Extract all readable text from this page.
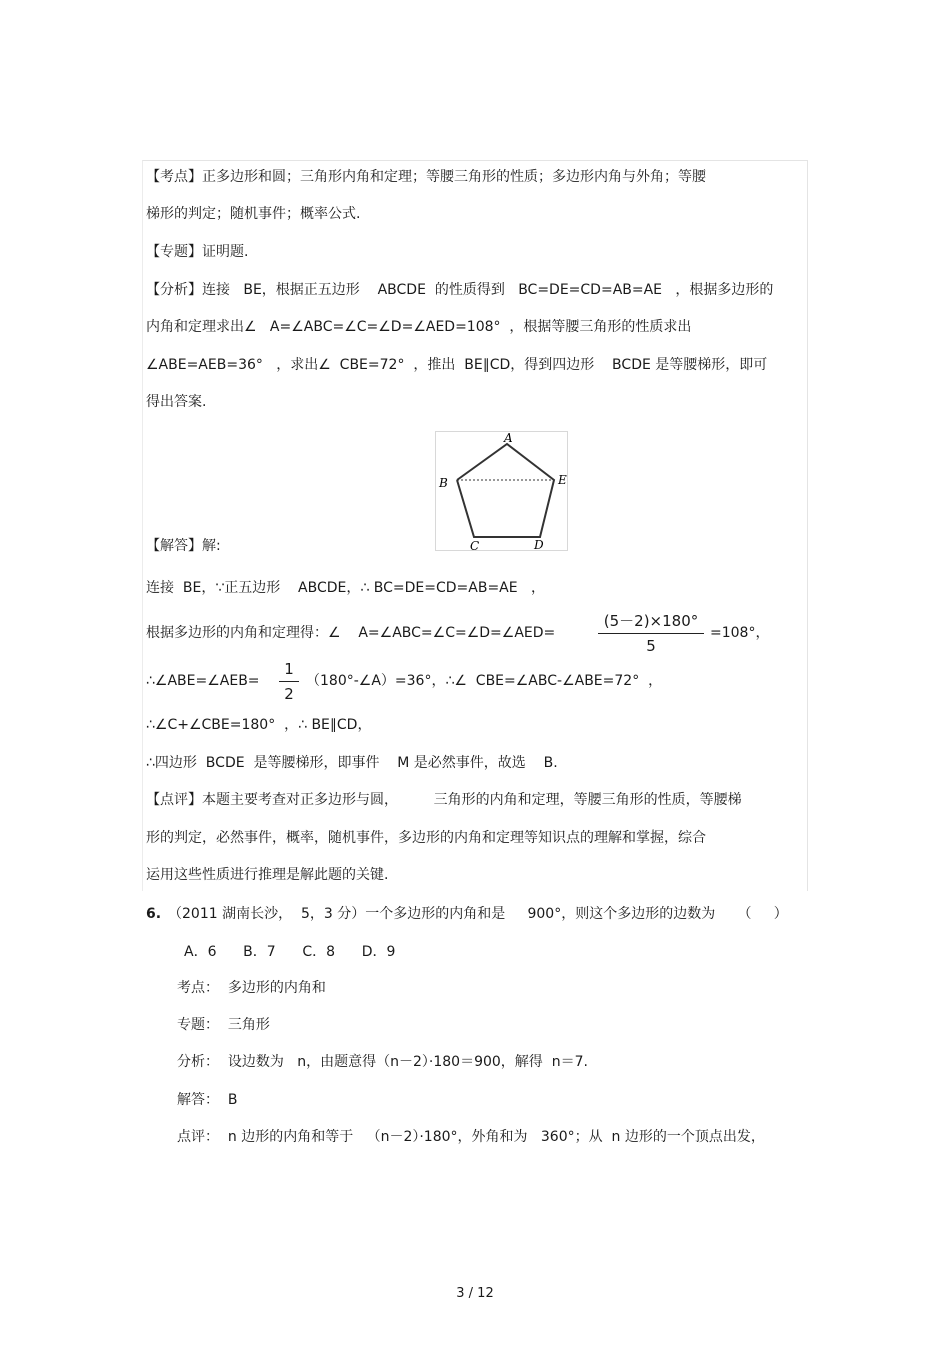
【考点】正多边形和圆；三角形内角和定理；等腰三角形的性质；多边形内角与外角；等腰
梯形的判定；随机事件；概率公式.
【专题】证明题.
【分析】连接   BE，根据正五边形    ABCDE  的性质得到   BC=DE=CD=AB=AE   ，根据多边形的
内角和定理求出∠   A=∠ABC=∠C=∠D=∠AED=108°  ，根据等腰三角形的性质求出
∠ABE=AEB=36°   ，求出∠  CBE=72°  ，推出  BE∥CD，得到四边形    BCDE 是等腰梯形，即可
得出答案.
A
B	E
C	D
【解答】解:
连接  BE，∵正五边形    ABCDE，∴ BC=DE=CD=AB=AE   ，
根据多边形的内角和定理得：∠    A=∠ABC=∠C=∠D=∠AED=
(5－2)×180°
5
=108°，
∴∠ABE=∠AEB=
1
2
（180°-∠A）=36°，∴∠  CBE=∠ABC-∠ABE=72°  ，
∴∠C+∠CBE=180°  ，∴ BE∥CD，
∴四边形  BCDE  是等腰梯形，即事件    M 是必然事件，故选    B.
【点评】本题主要考查对正多边形与圆，        三角形的内角和定理，等腰三角形的性质，等腰梯
形的判定，必然事件，概率，随机事件，多边形的内角和定理等知识点的理解和掌握，综合
运用这些性质进行推理是解此题的关键.
6. （2011 湖南长沙，  5，3 分）一个多边形的内角和是     900°，则这个多边形的边数为     （     ）
A．6      B．7      C．8      D．9
考点：  多边形的内角和
专题：  三角形
分析：  设边数为   n，由题意得（n－2）·180＝900，解得  n＝7.
解答：  B
点评：  n 边形的内角和等于   （n－2）·180°，外角和为   360°；从  n 边形的一个顶点出发，
3 / 12
